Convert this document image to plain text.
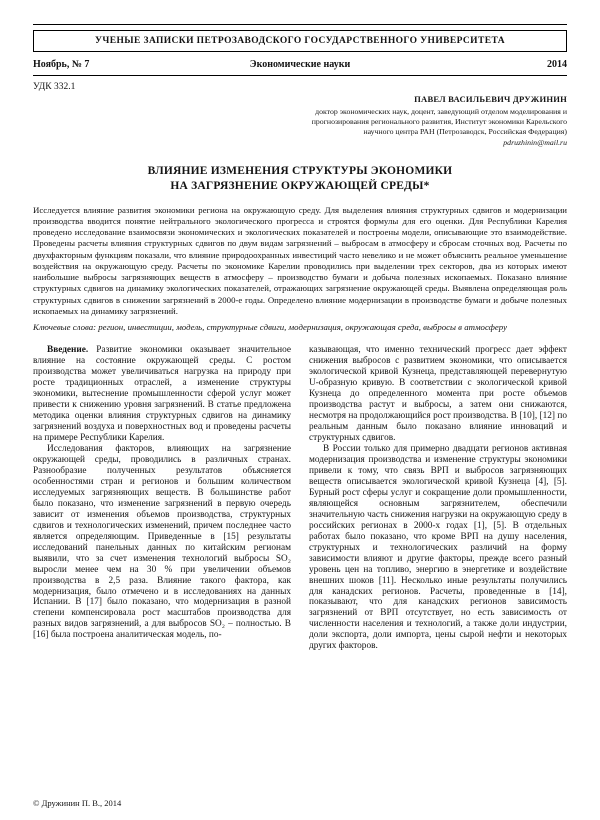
УЧЕНЫЕ ЗАПИСКИ ПЕТРОЗАВОДСКОГО ГОСУДАРСТВЕННОГО УНИВЕРСИТЕТА
Ноябрь, № 7	Экономические науки	2014
УДК 332.1
ПАВЕЛ ВАСИЛЬЕВИЧ ДРУЖИНИН
доктор экономических наук, доцент, заведующий отделом моделирования и прогнозирования регионального развития, Институт экономики Карельского научного центра РАН (Петрозаводск, Российская Федерация)
pdruzhinin@mail.ru
ВЛИЯНИЕ ИЗМЕНЕНИЯ СТРУКТУРЫ ЭКОНОМИКИ
НА ЗАГРЯЗНЕНИЕ ОКРУЖАЮЩЕЙ СРЕДЫ*

Исследуется влияние развития экономики региона на окружающую среду. Для выделения влияния структурных сдвигов и модернизации производства вводится понятие нейтрального экологического прогресса и строятся формулы для его оценки. Для Республики Карелия проведено исследование взаимосвязи экономических и экологических показателей и построены модели, описывающие это взаимодействие. Проведены расчеты влияния структурных сдвигов по двум видам загрязнений – выбросам в атмосферу и сбросам сточных вод. Расчеты по двухфакторным функциям показали, что влияние природоохранных инвестиций часто невелико и не может объяснить реальное уменьшение воздействия на окружающую среду. Расчеты по экономике Карелии проводились при выделении трех секторов, два из которых имеют наибольшие выбросы загрязняющих веществ в атмосферу – производство бумаги и добыча полезных ископаемых. Показано влияние структурных сдвигов на динамику экологических показателей, отражающих загрязнение окружающей среды. Выявлена определяющая роль структурных сдвигов в снижении загрязнений в 2000-е годы. Определено влияние модернизации в производстве бумаги и добыче полезных ископаемых на динамику загрязнений.

Ключевые слова: регион, инвестиции, модель, структурные сдвиги, модернизация, окружающая среда, выбросы в атмосферу

Введение. Развитие экономики оказывает значительное влияние на состояние окружающей среды. С ростом производства может увеличиваться нагрузка на природу при росте традиционных отраслей, а изменение структуры экономики, вытеснение промышленности сферой услуг может привести к снижению уровня загрязнений. В статье предложена методика оценки влияния структурных сдвигов на динамику загрязнений воздуха и поверхностных вод и проведены расчеты на примере Республики Карелия.

Исследования факторов, влияющих на загрязнение окружающей среды, проводились в различных странах. Разнообразие полученных результатов объясняется особенностями стран и регионов и большим количеством исследуемых загрязняющих веществ. В большинстве работ было показано, что изменение загрязнений в первую очередь зависит от изменения объемов производства, структурных сдвигов и технологических изменений, причем последнее часто является определяющим. Приведенные в [15] результаты исследований панельных данных по китайским регионам выявили, что за счет изменения технологий выбросы SO₂ выросли менее чем на 30 % при увеличении объемов производства в 2,5 раза. Влияние такого фактора, как модернизация, было отмечено и в исследованиях на данных Испании. В [17] было показано, что модернизация в разной степени компенсировала рост масштабов производства для разных видов загрязнений, а для выбросов SO₂ – полностью. В [16] была построена аналитическая модель, по-

казывающая, что именно технический прогресс дает эффект снижения выбросов с развитием экономики, что описывается экологической кривой Кузнеца, представляющей перевернутую U-образную кривую. В соответствии с экологической кривой Кузнеца до определенного момента при росте объемов производства растут и выбросы, а затем они снижаются, несмотря на продолжающийся рост производства. В [10], [12] по реальным данным было показано влияние инноваций и структурных сдвигов.

В России только для примерно двадцати регионов активная модернизация производства и изменение структуры экономики привели к тому, что связь ВРП и выбросов загрязняющих веществ описывается экологической кривой Кузнеца [4], [5]. Бурный рост сферы услуг и сокращение доли промышленности, являющейся основным загрязнителем, обеспечили значительную часть снижения нагрузки на окружающую среду в российских регионах в 2000-х годах [1], [5]. В отдельных работах было показано, что кроме ВРП на душу населения, структурных и технологических различий на форму зависимости влияют и другие факторы, прежде всего разный уровень цен на топливо, энергию в энергетике и воздействие внешних шоков [11]. Несколько иные результаты получились для канадских регионов. Расчеты, проведенные в [14], показывают, что для канадских регионов зависимость загрязнений от ВРП отсутствует, но есть зависимость от численности населения и технологий, а также доли индустрии, доли экспорта, доли импорта, цены сырой нефти и некоторых других факторов.

© Дружинин П. В., 2014
